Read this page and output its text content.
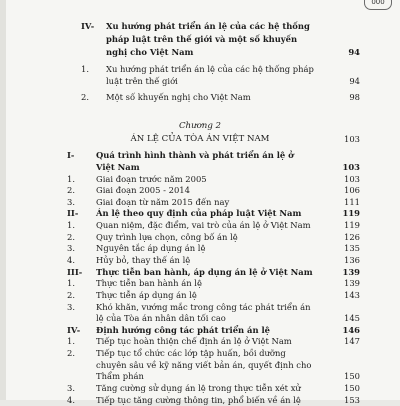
000
IV- Xu hướng phát triển án lệ của các hệ thống
pháp luật trên thế giới và một số khuyến
nghị cho Việt Nam	94
1. Xu hướng phát triển án lệ của các hệ thống pháp
luật trên thế giới	94
2. Một số khuyến nghị cho Việt Nam	98
Chương 2
ÁN LỆ CỦA TÒA ÁN VIỆT NAM	103
I-	Quá trình hình thành và phát triển án lệ ở
Việt Nam	103
1.	Giai đoạn trước năm 2005	103
2.	Giai đoạn 2005 - 2014	106
3.	Giai đoạn từ năm 2015 đến nay	111
II- Án lệ theo quy định của pháp luật Việt Nam	119
1.	Quan niệm, đặc điểm, vai trò của án lệ ở Việt Nam	119
2.	Quy trình lựa chọn, công bố án lệ	126
3.	Nguyên tắc áp dụng án lệ	135
4.	Hủy bỏ, thay thế án lệ	136
III- Thực tiễn ban hành, áp dụng án lệ ở Việt Nam	139
1.	Thực tiễn ban hành án lệ	139
2.	Thực tiễn áp dụng án lệ	143
3.	Khó khăn, vướng mắc trong công tác phát triển án
lệ của Tòa án nhân dân tối cao	145
IV- Định hướng công tác phát triển án lệ	146
1.	Tiếp tục hoàn thiện chế định án lệ ở Việt Nam	147
2.	Tiếp tục tổ chức các lớp tập huấn, bồi dưỡng
chuyên sâu về kỹ năng viết bản án, quyết định cho
Thẩm phán	150
3.	Tăng cường sử dụng án lệ trong thực tiễn xét xử	150
4.	Tiếp tục tăng cường thông tin, phổ biến về án lệ	153
